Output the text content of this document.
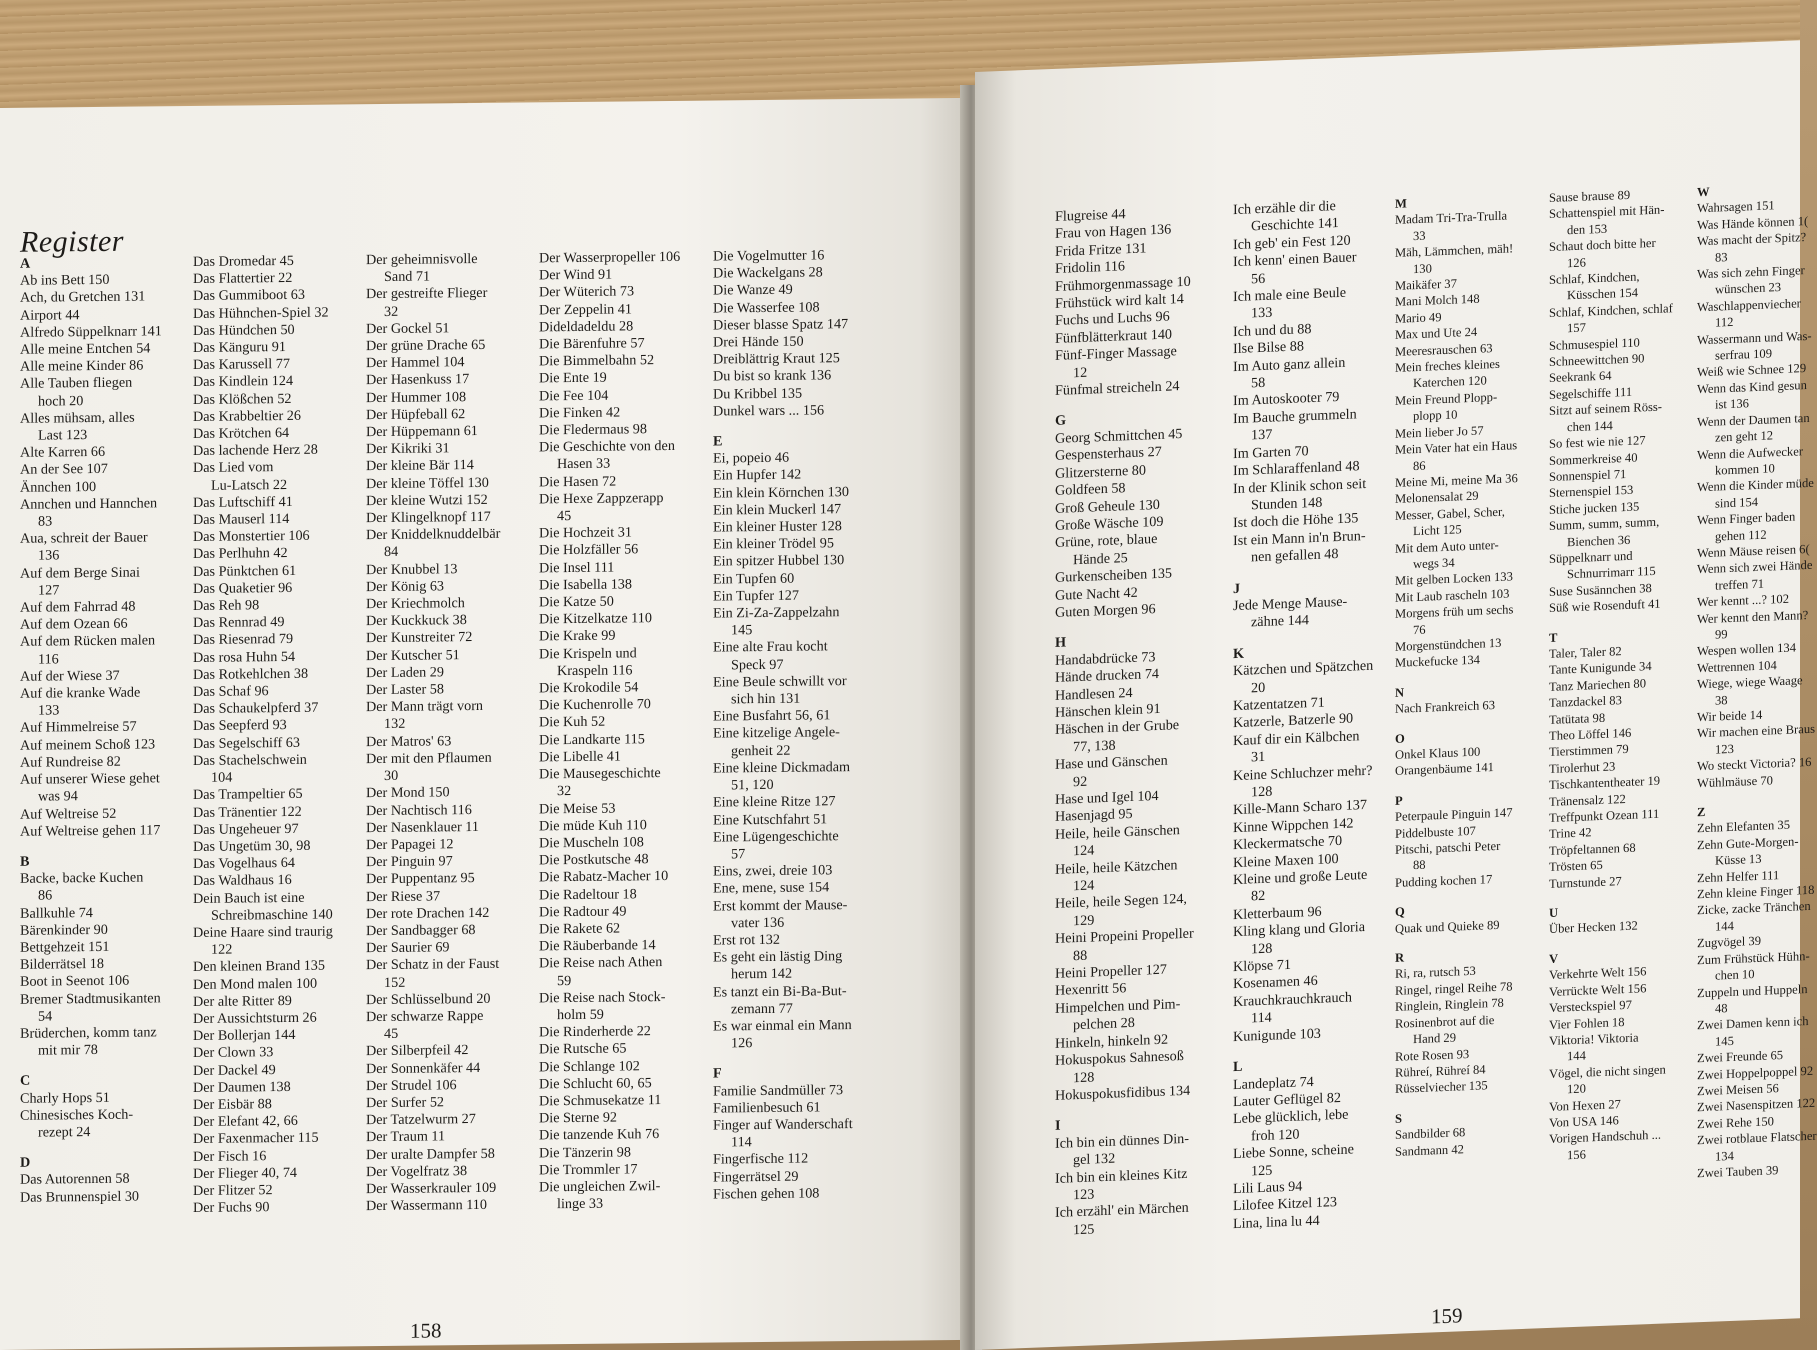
Register
A
Ab ins Bett 150
Ach, du Gretchen 131
Airport 44
Alfredo Süppelknarr 141
Alle meine Entchen 54
Alle meine Kinder 86
Alle Tauben fliegen
hoch 20
Alles mühsam, alles
Last 123
Alte Karren 66
An der See 107
Ännchen 100
Annchen und Hannchen
83
Aua, schreit der Bauer
136
Auf dem Berge Sinai
127
Auf dem Fahrrad 48
Auf dem Ozean 66
Auf dem Rücken malen
116
Auf der Wiese 37
Auf die kranke Wade
133
Auf Himmelreise 57
Auf meinem Schoß 123
Auf Rundreise 82
Auf unserer Wiese gehet
was 94
Auf Weltreise 52
Auf Weltreise gehen 117
B
Backe, backe Kuchen
86
Ballkuhle 74
Bärenkinder 90
Bettgehzeit 151
Bilderrätsel 18
Boot in Seenot 106
Bremer Stadtmusikanten
54
Brüderchen, komm tanz
mit mir 78
C
Charly Hops 51
Chinesisches Koch-
rezept 24
D
Das Autorennen 58
Das Brunnenspiel 30
Das Dromedar 45
Das Flattertier 22
Das Gummiboot 63
Das Hühnchen-Spiel 32
Das Hündchen 50
Das Känguru 91
Das Karussell 77
Das Kindlein 124
Das Klößchen 52
Das Krabbeltier 26
Das Krötchen 64
Das lachende Herz 28
Das Lied vom
Lu-Latsch 22
Das Luftschiff 41
Das Mauserl 114
Das Monstertier 106
Das Perlhuhn 42
Das Pünktchen 61
Das Quaketier 96
Das Reh 98
Das Rennrad 49
Das Riesenrad 79
Das rosa Huhn 54
Das Rotkehlchen 38
Das Schaf 96
Das Schaukelpferd 37
Das Seepferd 93
Das Segelschiff 63
Das Stachelschwein
104
Das Trampeltier 65
Das Tränentier 122
Das Ungeheuer 97
Das Ungetüm 30, 98
Das Vogelhaus 64
Das Waldhaus 16
Dein Bauch ist eine
Schreibmaschine 140
Deine Haare sind traurig
122
Den kleinen Brand 135
Den Mond malen 100
Der alte Ritter 89
Der Aussichtsturm 26
Der Bollerjan 144
Der Clown 33
Der Dackel 49
Der Daumen 138
Der Eisbär 88
Der Elefant 42, 66
Der Faxenmacher 115
Der Fisch 16
Der Flieger 40, 74
Der Flitzer 52
Der Fuchs 90
Der geheimnisvolle
Sand 71
Der gestreifte Flieger
32
Der Gockel 51
Der grüne Drache 65
Der Hammel 104
Der Hasenkuss 17
Der Hummer 108
Der Hüpfeball 62
Der Hüppemann 61
Der Kikriki 31
Der kleine Bär 114
Der kleine Töffel 130
Der kleine Wutzi 152
Der Klingelknopf 117
Der Kniddelknuddelbär
84
Der Knubbel 13
Der König 63
Der Kriechmolch
Der Kuckkuck 38
Der Kunstreiter 72
Der Kutscher 51
Der Laden 29
Der Laster 58
Der Mann trägt vorn
132
Der Matros' 63
Der mit den Pflaumen
30
Der Mond 150
Der Nachtisch 116
Der Nasenklauer 11
Der Papagei 12
Der Pinguin 97
Der Puppentanz 95
Der Riese 37
Der rote Drachen 142
Der Sandbagger 68
Der Saurier 69
Der Schatz in der Faust
152
Der Schlüsselbund 20
Der schwarze Rappe
45
Der Silberpfeil 42
Der Sonnenkäfer 44
Der Strudel 106
Der Surfer 52
Der Tatzelwurm 27
Der Traum 11
Der uralte Dampfer 58
Der Vogelfratz 38
Der Wasserkrauler 109
Der Wassermann 110
Der Wasserpropeller 106
Der Wind 91
Der Wüterich 73
Der Zeppelin 41
Dideldadeldu 28
Die Bärenfuhre 57
Die Bimmelbahn 52
Die Ente 19
Die Fee 104
Die Finken 42
Die Fledermaus 98
Die Geschichte von den
Hasen 33
Die Hasen 72
Die Hexe Zappzerapp
45
Die Hochzeit 31
Die Holzfäller 56
Die Insel 111
Die Isabella 138
Die Katze 50
Die Kitzelkatze 110
Die Krake 99
Die Krispeln und
Kraspeln 116
Die Krokodile 54
Die Kuchenrolle 70
Die Kuh 52
Die Landkarte 115
Die Libelle 41
Die Mausegeschichte
32
Die Meise 53
Die müde Kuh 110
Die Muscheln 108
Die Postkutsche 48
Die Rabatz-Macher 10
Die Radeltour 18
Die Radtour 49
Die Rakete 62
Die Räuberbande 14
Die Reise nach Athen
59
Die Reise nach Stock-
holm 59
Die Rinderherde 22
Die Rutsche 65
Die Schlange 102
Die Schlucht 60, 65
Die Schmusekatze 11
Die Sterne 92
Die tanzende Kuh 76
Die Tänzerin 98
Die Trommler 17
Die ungleichen Zwil-
linge 33
Die Vogelmutter 16
Die Wackelgans 28
Die Wanze 49
Die Wasserfee 108
Dieser blasse Spatz 147
Drei Hände 150
Dreiblättrig Kraut 125
Du bist so krank 136
Du Kribbel 135
Dunkel wars ... 156
E
Ei, popeio 46
Ein Hupfer 142
Ein klein Körnchen 130
Ein klein Muckerl 147
Ein kleiner Huster 128
Ein kleiner Trödel 95
Ein spitzer Hubbel 130
Ein Tupfen 60
Ein Tupfer 127
Ein Zi-Za-Zappelzahn
145
Eine alte Frau kocht
Speck 97
Eine Beule schwillt vor
sich hin 131
Eine Busfahrt 56, 61
Eine kitzelige Angele-
genheit 22
Eine kleine Dickmadam
51, 120
Eine kleine Ritze 127
Eine Kutschfahrt 51
Eine Lügengeschichte
57
Eins, zwei, dreie 103
Ene, mene, suse 154
Erst kommt der Mause-
vater 136
Erst rot 132
Es geht ein lästig Ding
herum 142
Es tanzt ein Bi-Ba-But-
zemann 77
Es war einmal ein Mann
126
F
Familie Sandmüller 73
Familienbesuch 61
Finger auf Wanderschaft
114
Fingerfische 112
Fingerrätsel 29
Fischen gehen 108
158
Flugreise 44
Frau von Hagen 136
Frida Fritze 131
Fridolin 116
Frühmorgenmassage 10
Frühstück wird kalt 14
Fuchs und Luchs 96
Fünfblätterkraut 140
Fünf-Finger Massage
12
Fünfmal streicheln 24
G
Georg Schmittchen 45
Gespensterhaus 27
Glitzersterne 80
Goldfeen 58
Groß Geheule 130
Große Wäsche 109
Grüne, rote, blaue
Hände 25
Gurkenscheiben 135
Gute Nacht 42
Guten Morgen 96
H
Handabdrücke 73
Hände drucken 74
Handlesen 24
Hänschen klein 91
Häschen in der Grube
77, 138
Hase und Gänschen
92
Hase und Igel 104
Hasenjagd 95
Heile, heile Gänschen
124
Heile, heile Kätzchen
124
Heile, heile Segen 124,
129
Heini Propeini Propeller
88
Heini Propeller 127
Hexenritt 56
Himpelchen und Pim-
pelchen 28
Hinkeln, hinkeln 92
Hokuspokus Sahnesoß
128
Hokuspokusfidibus 134
I
Ich bin ein dünnes Din-
gel 132
Ich bin ein kleines Kitz
123
Ich erzähl' ein Märchen
125
Ich erzähle dir die
Geschichte 141
Ich geb' ein Fest 120
Ich kenn' einen Bauer
56
Ich male eine Beule
133
Ich und du 88
Ilse Bilse 88
Im Auto ganz allein
58
Im Autoskooter 79
Im Bauche grummeln
137
Im Garten 70
Im Schlaraffenland 48
In der Klinik schon seit
Stunden 148
Ist doch die Höhe 135
Ist ein Mann in'n Brun-
nen gefallen 48
J
Jede Menge Mause-
zähne 144
K
Kätzchen und Spätzchen
20
Katzentatzen 71
Katzerle, Batzerle 90
Kauf dir ein Kälbchen
31
Keine Schluchzer mehr?
128
Kille-Mann Scharo 137
Kinne Wippchen 142
Kleckermatsche 70
Kleine Maxen 100
Kleine und große Leute
82
Kletterbaum 96
Kling klang und Gloria
128
Klöpse 71
Kosenamen 46
Krauchkrauchkrauch
114
Kunigunde 103
L
Landeplatz 74
Lauter Geflügel 82
Lebe glücklich, lebe
froh 120
Liebe Sonne, scheine
125
Lili Laus 94
Lilofee Kitzel 123
Lina, lina lu 44
M
Madam Tri-Tra-Trulla
33
Mäh, Lämmchen, mäh!
130
Maikäfer 37
Mani Molch 148
Mario 49
Max und Ute 24
Meeresrauschen 63
Mein freches kleines
Katerchen 120
Mein Freund Plopp-
plopp 10
Mein lieber Jo 57
Mein Vater hat ein Haus
86
Meine Mi, meine Ma 36
Melonensalat 29
Messer, Gabel, Scher,
Licht 125
Mit dem Auto unter-
wegs 34
Mit gelben Locken 133
Mit Laub rascheln 103
Morgens früh um sechs
76
Morgenstündchen 13
Muckefucke 134
N
Nach Frankreich 63
O
Onkel Klaus 100
Orangenbäume 141
P
Peterpaule Pinguin 147
Piddelbuste 107
Pitschi, patschi Peter
88
Pudding kochen 17
Q
Quak und Quieke 89
R
Ri, ra, rutsch 53
Ringel, ringel Reihe 78
Ringlein, Ringlein 78
Rosinenbrot auf die
Hand 29
Rote Rosen 93
Rühreí, Rühreí 84
Rüsselviecher 135
S
Sandbilder 68
Sandmann 42
Sause brause 89
Schattenspiel mit Hän-
den 153
Schaut doch bitte her
126
Schlaf, Kindchen,
Küsschen 154
Schlaf, Kindchen, schlaf
157
Schmusespiel 110
Schneewittchen 90
Seekrank 64
Segelschiffe 111
Sitzt auf seinem Röss-
chen 144
So fest wie nie 127
Sommerkreise 40
Sonnenspiel 71
Sternenspiel 153
Stiche jucken 135
Summ, summ, summ,
Bienchen 36
Süppelknarr und
Schnurrimarr 115
Suse Susännchen 38
Süß wie Rosenduft 41
T
Taler, Taler 82
Tante Kunigunde 34
Tanz Mariechen 80
Tanzdackel 83
Tatütata 98
Theo Löffel 146
Tierstimmen 79
Tirolerhut 23
Tischkantentheater 19
Tränensalz 122
Treffpunkt Ozean 111
Trine 42
Tröpfeltannen 68
Trösten 65
Turnstunde 27
U
Über Hecken 132
V
Verkehrte Welt 156
Verrückte Welt 156
Versteckspiel 97
Vier Fohlen 18
Viktoria! Viktoria
144
Vögel, die nicht singen
120
Von Hexen 27
Von USA 146
Vorigen Handschuh ...
156
W
Wahrsagen 151
Was Hände können 1(
Was macht der Spitz?
83
Was sich zehn Finger
wünschen 23
Waschlappenviecher
112
Wassermann und Was-
serfrau 109
Weiß wie Schnee 129
Wenn das Kind gesun
ist 136
Wenn der Daumen tan
zen geht 12
Wenn die Aufwecker
kommen 10
Wenn die Kinder müde
sind 154
Wenn Finger baden
gehen 112
Wenn Mäuse reisen 6(
Wenn sich zwei Hände
treffen 71
Wer kennt ...? 102
Wer kennt den Mann?
99
Wespen wollen 134
Wettrennen 104
Wiege, wiege Waage
38
Wir beide 14
Wir machen eine Braus
123
Wo steckt Victoria? 16
Wühlmäuse 70
Z
Zehn Elefanten 35
Zehn Gute-Morgen-
Küsse 13
Zehn Helfer 111
Zehn kleine Finger 118
Zicke, zacke Tränchen
144
Zugvögel 39
Zum Frühstück Hühn-
chen 10
Zuppeln und Huppeln
48
Zwei Damen kenn ich
145
Zwei Freunde 65
Zwei Hoppelpoppel 92
Zwei Meisen 56
Zwei Nasenspitzen 122
Zwei Rehe 150
Zwei rotblaue Flatscher
134
Zwei Tauben 39
159
